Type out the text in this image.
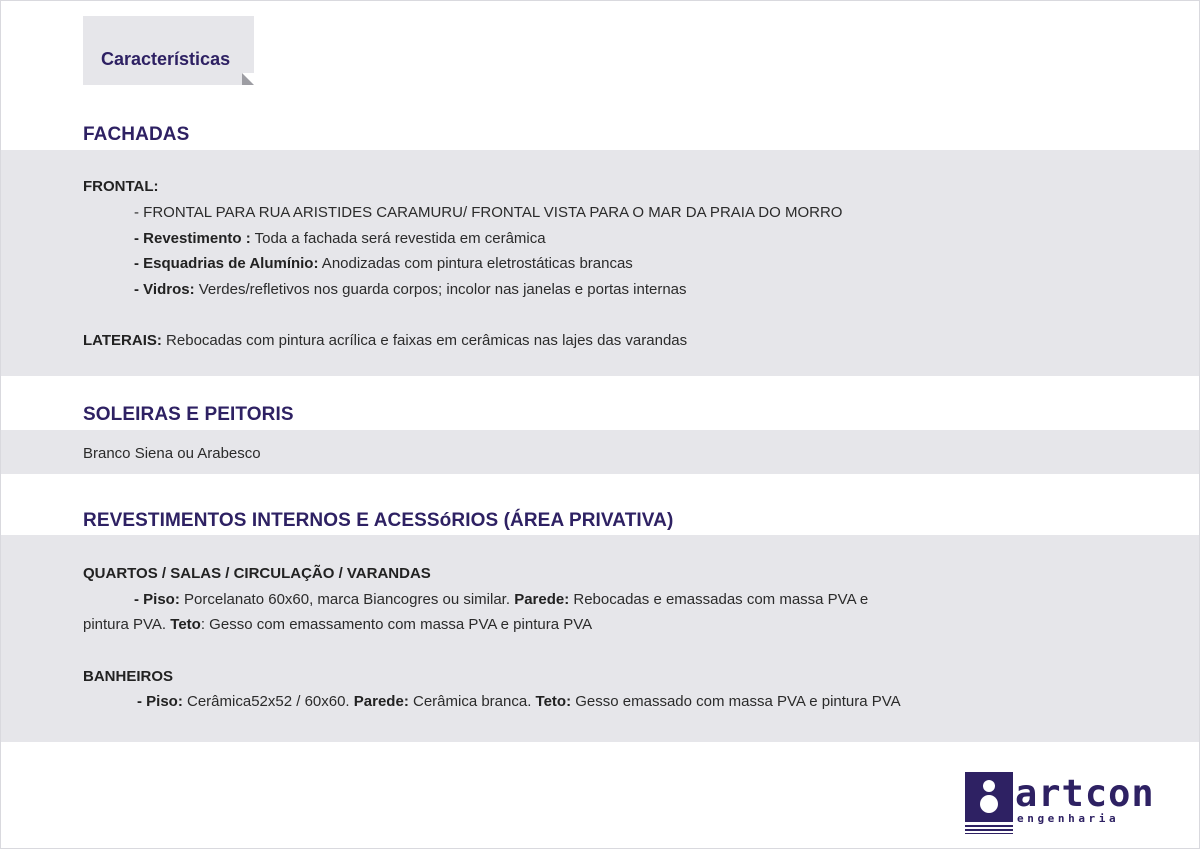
Características
FACHADAS
FRONTAL:
- FRONTAL PARA RUA ARISTIDES CARAMURU/ FRONTAL VISTA PARA O MAR DA PRAIA DO MORRO
- Revestimento : Toda a fachada será revestida em cerâmica
- Esquadrias de Alumínio: Anodizadas com pintura eletrostáticas brancas
- Vidros: Verdes/refletivos nos guarda corpos; incolor nas janelas e portas internas
LATERAIS: Rebocadas com pintura acrílica e faixas em cerâmicas nas lajes das varandas
SOLEIRAS E PEITORIS
Branco Siena ou Arabesco
REVESTIMENTOS INTERNOS E ACESSóRIOS (ÁREA PRIVATIVA)
QUARTOS / SALAS / CIRCULAÇÃO / VARANDAS
- Piso: Porcelanato 60x60, marca Biancogres ou similar. Parede: Rebocadas e emassadas com massa PVA e
pintura PVA. Teto: Gesso com emassamento com massa PVA e pintura PVA
BANHEIROS
- Piso: Cerâmica52x52 / 60x60. Parede: Cerâmica branca. Teto: Gesso emassado com massa PVA e pintura PVA
artcon
engenharia
